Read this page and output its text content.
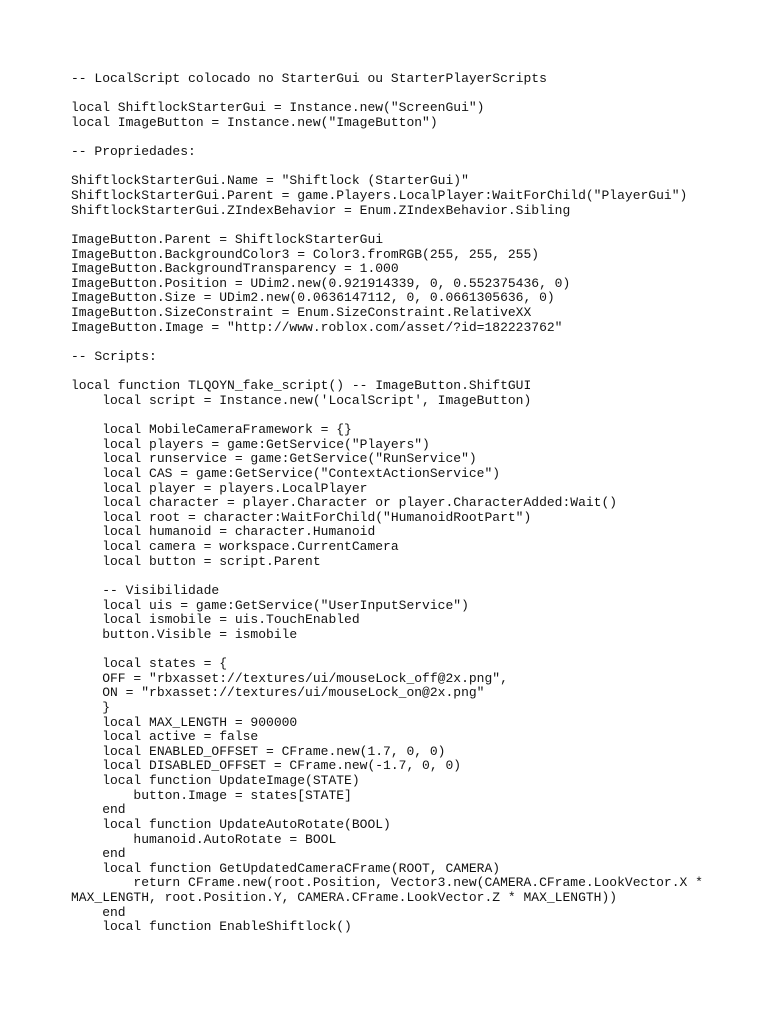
-- LocalScript colocado no StarterGui ou StarterPlayerScripts
local ShiftlockStarterGui = Instance.new("ScreenGui")
local ImageButton = Instance.new("ImageButton")
-- Propriedades:
ShiftlockStarterGui.Name = "Shiftlock (StarterGui)"
ShiftlockStarterGui.Parent = game.Players.LocalPlayer:WaitForChild("PlayerGui")
ShiftlockStarterGui.ZIndexBehavior = Enum.ZIndexBehavior.Sibling
ImageButton.Parent = ShiftlockStarterGui
ImageButton.BackgroundColor3 = Color3.fromRGB(255, 255, 255)
ImageButton.BackgroundTransparency = 1.000
ImageButton.Position = UDim2.new(0.921914339, 0, 0.552375436, 0)
ImageButton.Size = UDim2.new(0.0636147112, 0, 0.0661305636, 0)
ImageButton.SizeConstraint = Enum.SizeConstraint.RelativeXX
ImageButton.Image = "http://www.roblox.com/asset/?id=182223762"
-- Scripts:
local function TLQOYN_fake_script() -- ImageButton.ShiftGUI
local script = Instance.new('LocalScript', ImageButton)
local MobileCameraFramework = {}
local players = game:GetService("Players")
local runservice = game:GetService("RunService")
local CAS = game:GetService("ContextActionService")
local player = players.LocalPlayer
local character = player.Character or player.CharacterAdded:Wait()
local root = character:WaitForChild("HumanoidRootPart")
local humanoid = character.Humanoid
local camera = workspace.CurrentCamera
local button = script.Parent
-- Visibilidade
local uis = game:GetService("UserInputService")
local ismobile = uis.TouchEnabled
button.Visible = ismobile
local states = {
OFF = "rbxasset://textures/ui/mouseLock_off@2x.png",
ON = "rbxasset://textures/ui/mouseLock_on@2x.png"
}
local MAX_LENGTH = 900000
local active = false
local ENABLED_OFFSET = CFrame.new(1.7, 0, 0)
local DISABLED_OFFSET = CFrame.new(-1.7, 0, 0)
local function UpdateImage(STATE)
button.Image = states[STATE]
end
local function UpdateAutoRotate(BOOL)
humanoid.AutoRotate = BOOL
end
local function GetUpdatedCameraCFrame(ROOT, CAMERA)
return CFrame.new(root.Position, Vector3.new(CAMERA.CFrame.LookVector.X *
MAX_LENGTH, root.Position.Y, CAMERA.CFrame.LookVector.Z * MAX_LENGTH))
end
local function EnableShiftlock()
